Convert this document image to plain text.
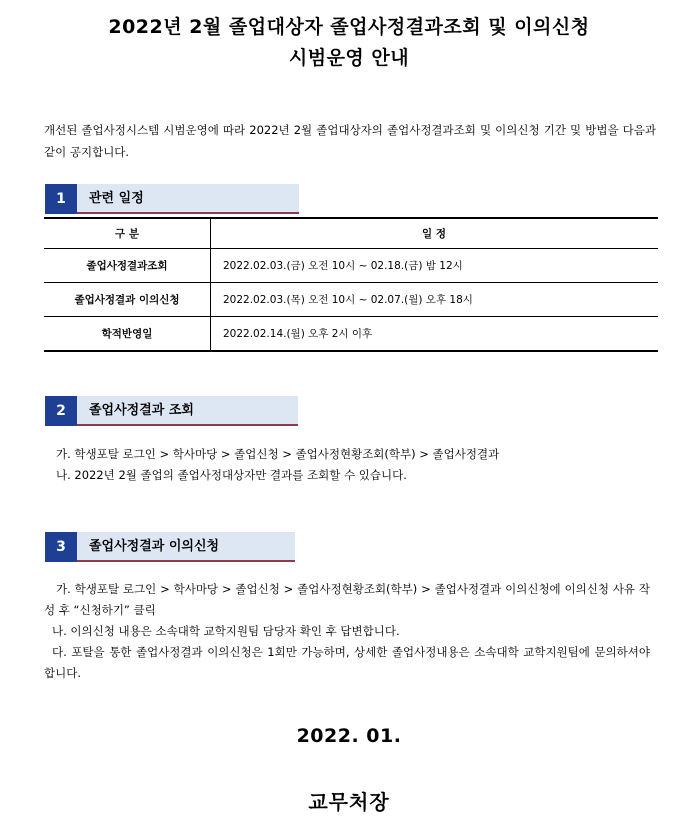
2022년 2월 졸업대상자 졸업사정결과조회 및 이의신청
시범운영 안내
개선된 졸업사정시스템 시범운영에 따라 2022년 2월 졸업대상자의 졸업사정결과조회 및 이의신청 기간 및 방법을 다음과 같이 공지합니다.
1	관련 일정
구 분	일 정
졸업사정결과조회	2022.02.03.(금) 오전 10시 ~ 02.18.(금) 밤 12시
졸업사정결과 이의신청	2022.02.03.(목) 오전 10시 ~ 02.07.(월) 오후 18시
학적반영일	2022.02.14.(월) 오후 2시 이후
2	졸업사정결과 조회
가. 학생포탈 로그인 > 학사마당 > 졸업신청 > 졸업사정현황조회(학부) > 졸업사정결과
나. 2022년 2월 졸업의 졸업사정대상자만 결과를 조회할 수 있습니다.
3	졸업사정결과 이의신청
가. 학생포탈 로그인 > 학사마당 > 졸업신청 > 졸업사정현황조회(학부) > 졸업사정결과 이의신청에 이의신청 사유 작성 후 “신청하기” 클릭
나. 이의신청 내용은 소속대학 교학지원팀 담당자 확인 후 답변합니다.
다. 포탈을 통한 졸업사정결과 이의신청은 1회만 가능하며, 상세한 졸업사정내용은 소속대학 교학지원팀에 문의하셔야 합니다.
2022. 01.
교무처장
